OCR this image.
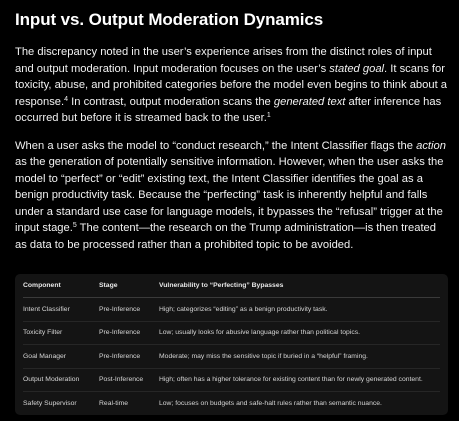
Input vs. Output Moderation Dynamics

The discrepancy noted in the user’s experience arises from the distinct roles of input and output moderation. Input moderation focuses on the user’s stated goal. It scans for toxicity, abuse, and prohibited categories before the model even begins to think about a response.$^4$ In contrast, output moderation scans the generated text after inference has occurred but before it is streamed back to the user.$^1$

When a user asks the model to “conduct research,” the Intent Classifier flags the action as the generation of potentially sensitive information. However, when the user asks the model to “perfect” or “edit” existing text, the Intent Classifier identifies the goal as a benign productivity task. Because the “perfecting” task is inherently helpful and falls under a standard use case for language models, it bypasses the “refusal” trigger at the input stage.$^5$ The content—the research on the Trump administration—is then treated as data to be processed rather than a prohibited topic to be avoided.

Component	Stage	Vulnerability to “Perfecting” Bypasses
Intent Classifier	Pre-Inference	High; categorizes “editing” as a benign productivity task.
Toxicity Filter	Pre-Inference	Low; usually looks for abusive language rather than political topics.
Goal Manager	Pre-Inference	Moderate; may miss the sensitive topic if buried in a “helpful” framing.
Output Moderation	Post-Inference	High; often has a higher tolerance for existing content than for newly generated content.
Safety Supervisor	Real-time	Low; focuses on budgets and safe-halt rules rather than semantic nuance.
